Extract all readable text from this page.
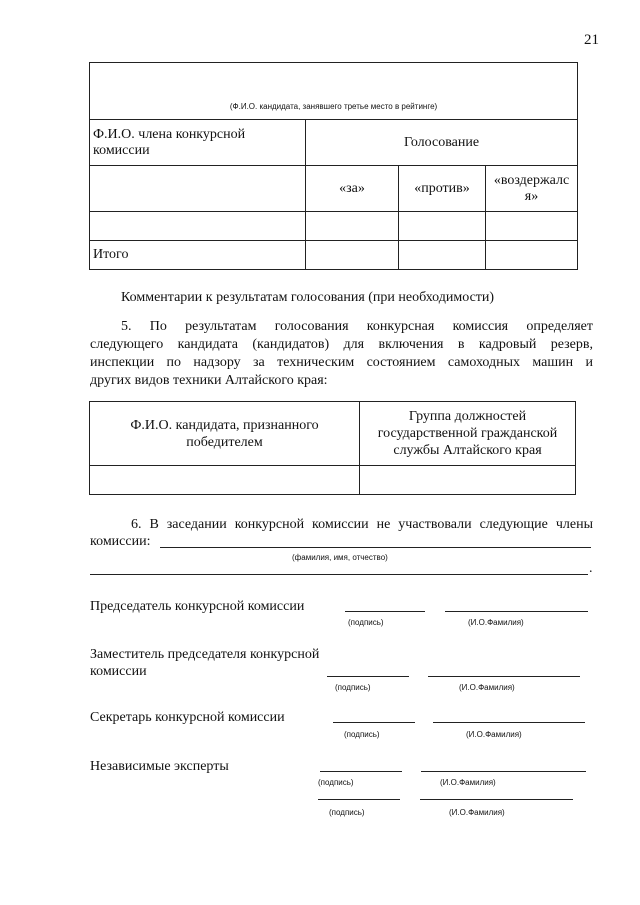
21
(Ф.И.О. кандидата, занявшего третье место в рейтинге)			
Ф.И.О. члена конкурсной комиссии	Голосование		
	«за»	«против»	«воздержался»

Итого			
Комментарии к результатам голосования (при необходимости)
5. По результатам голосования конкурсная комиссия определяет
следующего кандидата (кандидатов) для включения в кадровый резерв,
инспекции по надзору за техническим состоянием самоходных машин и
других видов техники Алтайского края:
Ф.И.О. кандидата, признанного победителем	Группа должностей государственной гражданской службы Алтайского края

6. В заседании конкурсной комиссии не участвовали следующие члены
комиссии:
(фамилия, имя, отчество)
.
Председатель конкурсной комиссии
(подпись)	(И.О.Фамилия)
Заместитель председателя конкурсной
комиссии
(подпись)	(И.О.Фамилия)
Секретарь конкурсной комиссии
(подпись)	(И.О.Фамилия)
Независимые эксперты
(подпись)	(И.О.Фамилия)
(подпись)	(И.О.Фамилия)
